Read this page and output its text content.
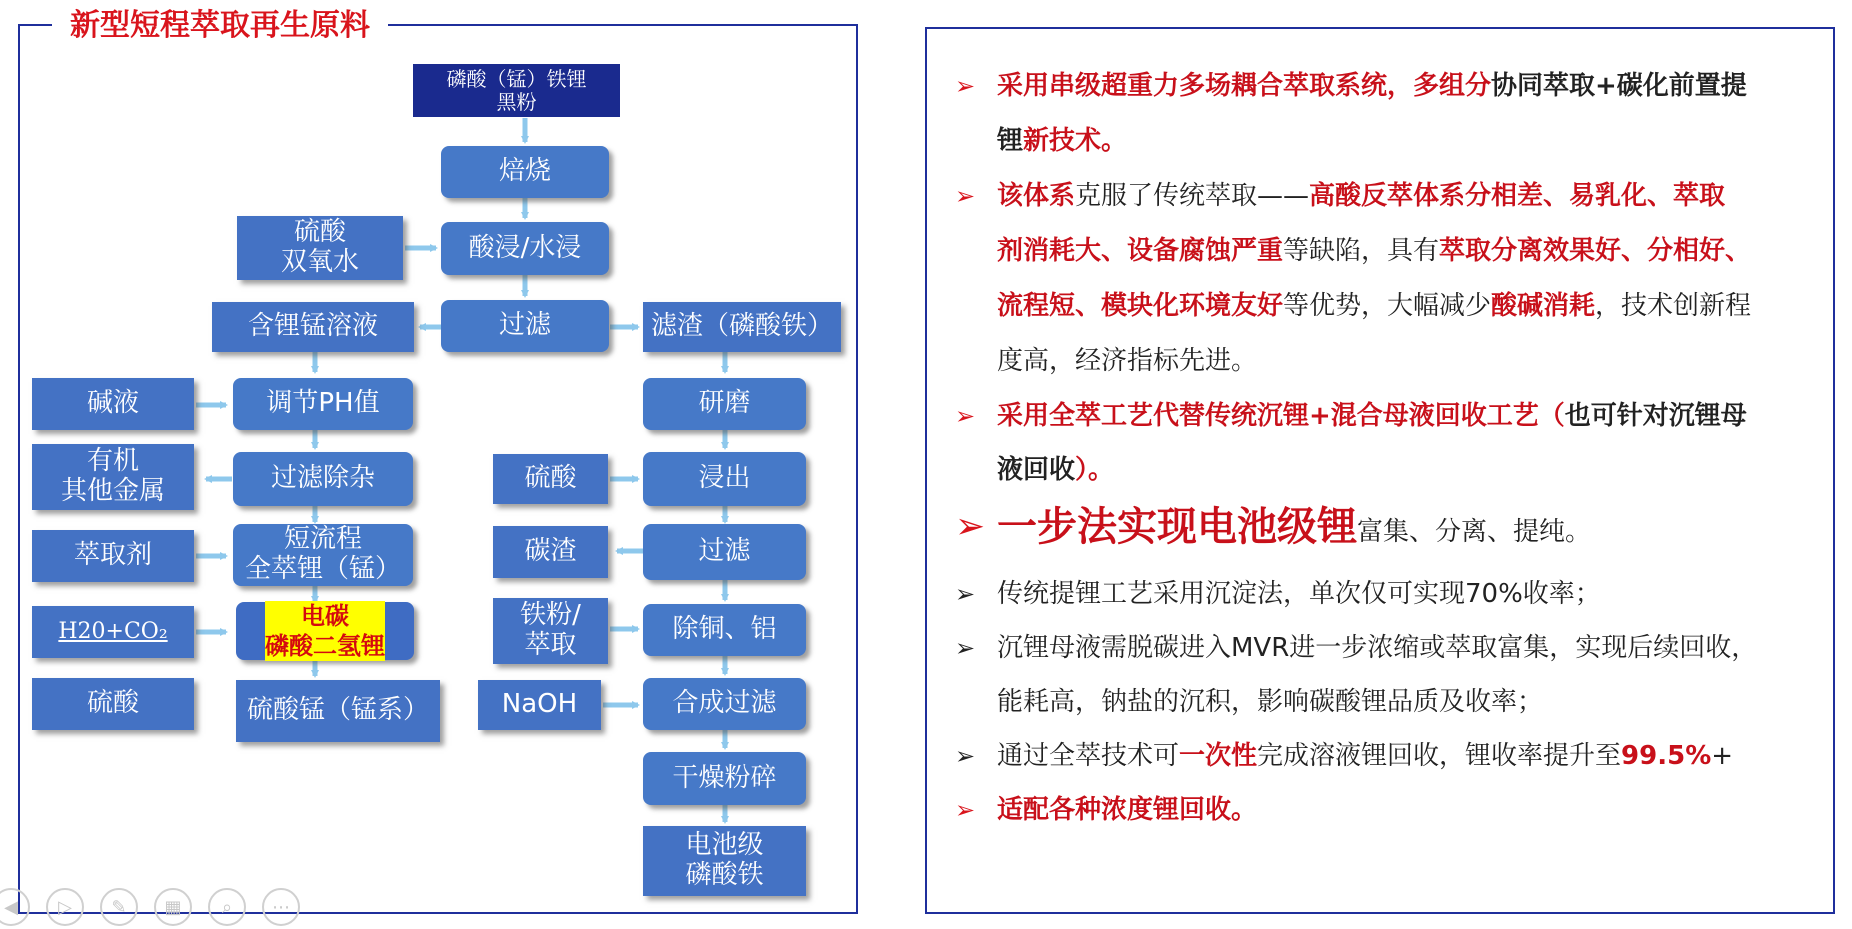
新型短程萃取再生原料
磷酸（锰）铁锂
黑粉
焙烧
硫酸
双氧水	酸浸/水浸
含锂锰溶液	过滤	滤渣（磷酸铁）
碱液	调节PH值	研磨
有机
其他金属	过滤除杂	硫酸	浸出
萃取剂
短流程
全萃锂（锰）
碳渣	过滤
H20+CO₂
电碳
磷酸二氢锂
铁粉/
萃取
除铜、铝
硫酸	硫酸锰（锰系）	NaOH	合成过滤
干燥粉碎
电池级
磷酸铁
➢ 采用串级超重力多场耦合萃取系统，多组分协同萃取+碳化前置提
锂新技术。
➢ 该体系克服了传统萃取——高酸反萃体系分相差、易乳化、萃取
剂消耗大、设备腐蚀严重等缺陷，具有萃取分离效果好、分相好、
流程短、模块化环境友好等优势，大幅减少酸碱消耗，技术创新程
度高，经济指标先进。
➢ 采用全萃工艺代替传统沉锂+混合母液回收工艺（也可针对沉锂母
液回收）。
➢ 一步法实现电池级锂富集、分离、提纯。
➢ 传统提锂工艺采用沉淀法，单次仅可实现70%收率；
➢ 沉锂母液需脱碳进入MVR进一步浓缩或萃取富集，实现后续回收，
能耗高，钠盐的沉积，影响碳酸锂品质及收率；
➢ 通过全萃技术可一次性完成溶液锂回收，锂收率提升至99.5%+
➢ 适配各种浓度锂回收。
◀	▷	✎	▦	⌕	⋯
